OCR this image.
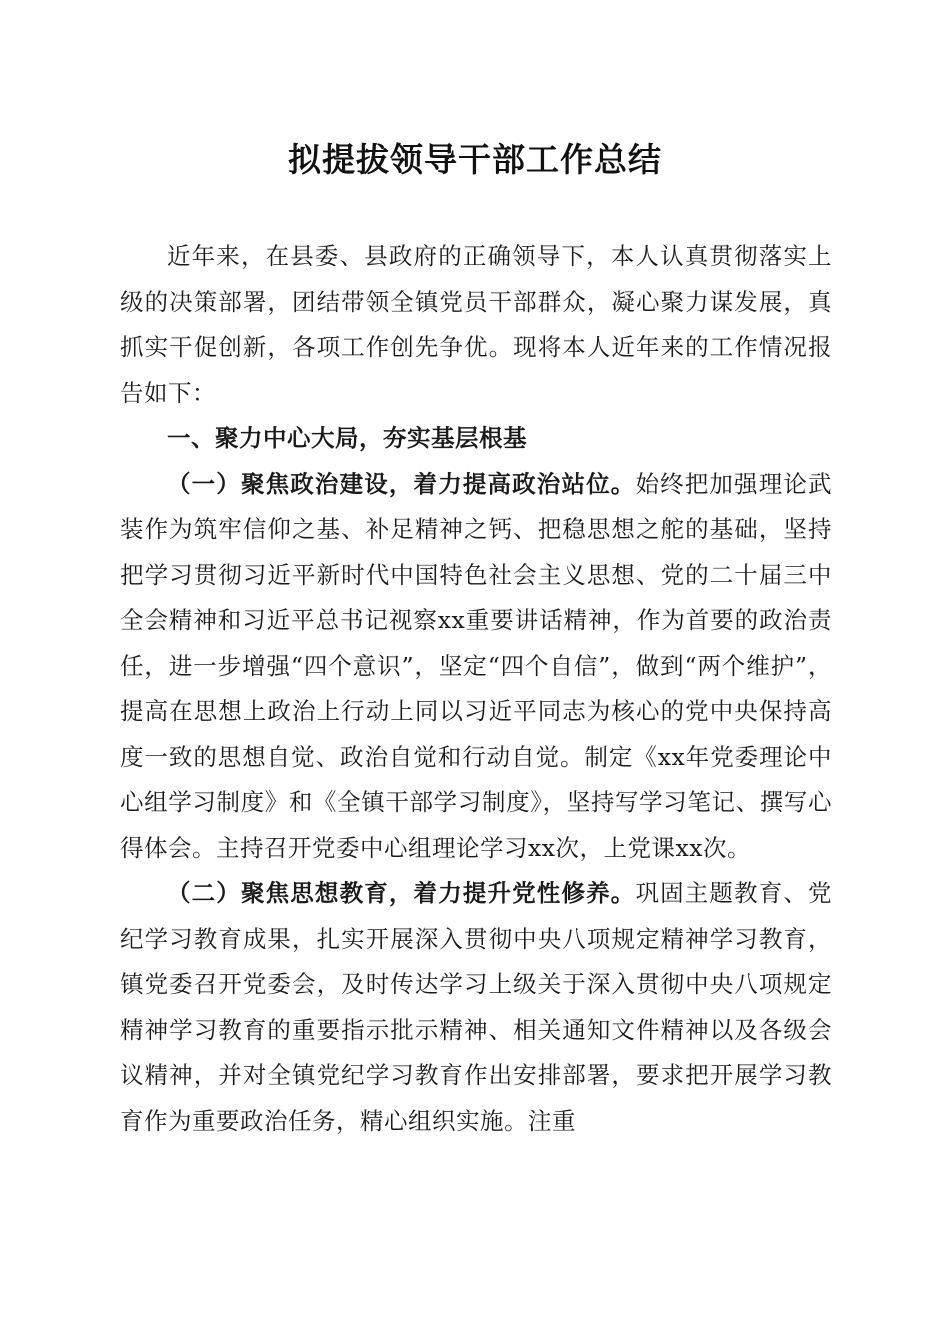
拟提拔领导干部工作总结

近年来，在县委、县政府的正确领导下，本人认真贯彻落实上级的决策部署，团结带领全镇党员干部群众，凝心聚力谋发展，真抓实干促创新，各项工作创先争优。现将本人近年来的工作情况报告如下：

一、聚力中心大局，夯实基层根基

（一）聚焦政治建设，着力提高政治站位。始终把加强理论武装作为筑牢信仰之基、补足精神之钙、把稳思想之舵的基础，坚持把学习贯彻习近平新时代中国特色社会主义思想、党的二十届三中全会精神和习近平总书记视察xx重要讲话精神，作为首要的政治责任，进一步增强“四个意识”，坚定“四个自信”，做到“两个维护”，提高在思想上政治上行动上同以习近平同志为核心的党中央保持高度一致的思想自觉、政治自觉和行动自觉。制定《xx年党委理论中心组学习制度》和《全镇干部学习制度》，坚持写学习笔记、撰写心得体会。主持召开党委中心组理论学习xx次，上党课xx次。

（二）聚焦思想教育，着力提升党性修养。巩固主题教育、党纪学习教育成果，扎实开展深入贯彻中央八项规定精神学习教育，镇党委召开党委会，及时传达学习上级关于深入贯彻中央八项规定精神学习教育的重要指示批示精神、相关通知文件精神以及各级会议精神，并对全镇党纪学习教育作出安排部署，要求把开展学习教育作为重要政治任务，精心组织实施。注重
